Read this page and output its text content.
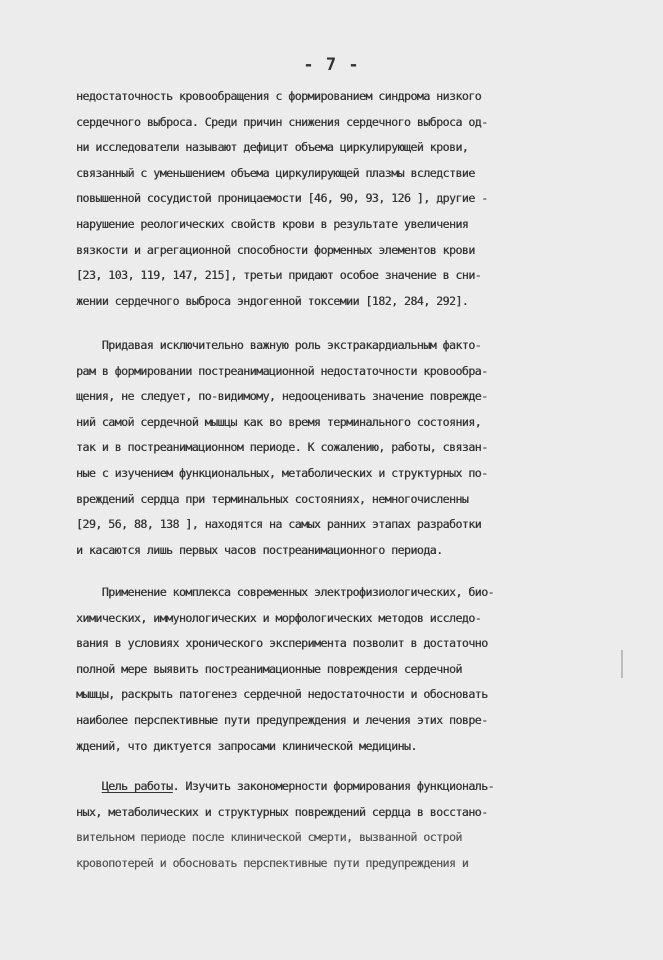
- 7 -
недостаточность кровообращения с формированием синдрома низкого
сердечного выброса. Среди причин снижения сердечного выброса од-
ни исследователи называют дефицит объема циркулирующей крови,
связанный с уменьшением объема циркулирующей плазмы вследствие
повышенной сосудистой проницаемости [46, 90, 93, 126 ], другие -
нарушение реологических свойств крови в результате увеличения
вязкости и агрегационной способности форменных элементов крови
[23, 103, 119, 147, 215], третьи придают особое значение в сни-
жении сердечного выброса эндогенной токсемии [182, 284, 292].
Придавая исключительно важную роль экстракардиальным факто-
рам в формировании постреанимационной недостаточности кровообра-
щения, не следует, по-видимому, недооценивать значение поврежде-
ний самой сердечной мышцы как во время терминального состояния,
так и в постреанимационном периоде. К сожалению, работы, связан-
ные с изучением функциональных, метаболических и структурных по-
вреждений сердца при терминальных состояниях, немногочисленны
[29, 56, 88, 138 ], находятся на самых ранних этапах разработки
и касаются лишь первых часов постреанимационного периода.
Применение комплекса современных электрофизиологических, био-
химических, иммунологических и морфологических методов исследо-
вания в условиях хронического эксперимента позволит в достаточно
полной мере выявить постреанимационные повреждения сердечной
мышцы, раскрыть патогенез сердечной недостаточности и обосновать
наиболее перспективные пути предупреждения и лечения этих повре-
ждений, что диктуется запросами клинической медицины.
Цель работы. Изучить закономерности формирования функциональ-
ных, метаболических и структурных повреждений сердца в восстано-
вительном периоде после клинической смерти, вызванной острой
кровопотерей и обосновать перспективные пути предупреждения и
